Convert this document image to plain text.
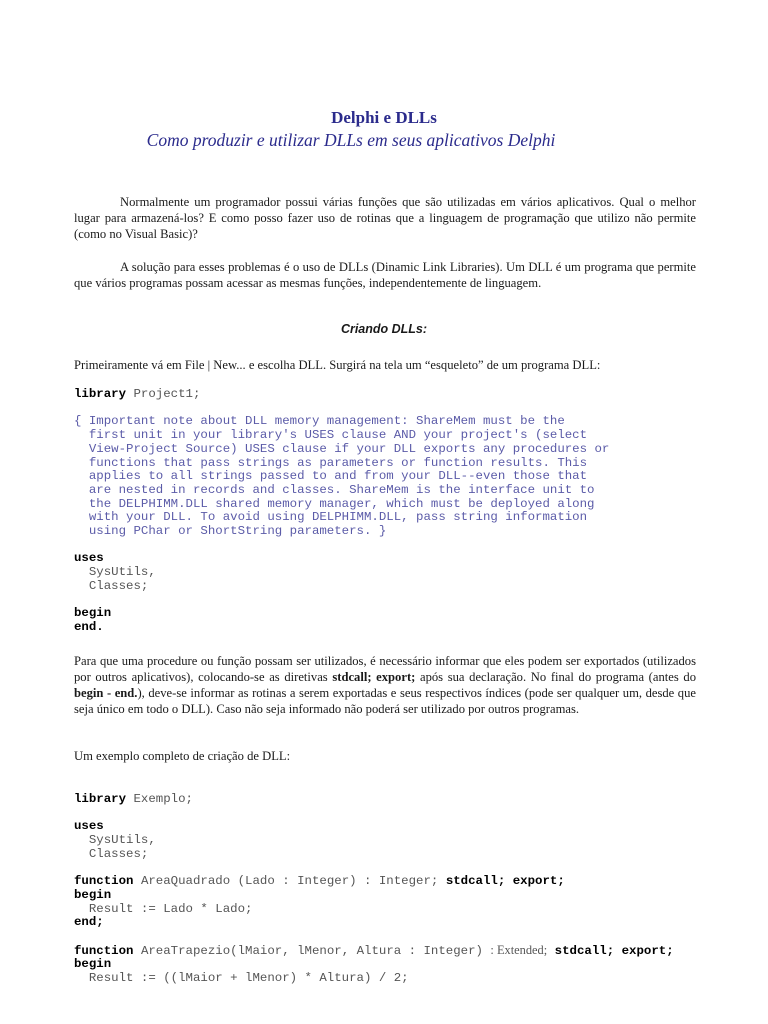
Delphi e DLLs
Como produzir e utilizar DLLs em seus aplicativos Delphi

Normalmente um programador possui várias funções que são utilizadas em vários aplicativos. Qual o melhor lugar para armazená-los? E como posso fazer uso de rotinas que a linguagem de programação que utilizo não permite (como no Visual Basic)?

A solução para esses problemas é o uso de DLLs (Dinamic Link Libraries). Um DLL é um programa que permite que vários programas possam acessar as mesmas funções, independentemente de linguagem.

Criando DLLs:

Primeiramente vá em File | New... e escolha DLL. Surgirá na tela um “esqueleto” de um programa DLL:

library Project1;

{ Important note about DLL memory management: ShareMem must be the
first unit in your library's USES clause AND your project's (select
View-Project Source) USES clause if your DLL exports any procedures or
functions that pass strings as parameters or function results. This
applies to all strings passed to and from your DLL--even those that
are nested in records and classes. ShareMem is the interface unit to
the DELPHIMM.DLL shared memory manager, which must be deployed along
with your DLL. To avoid using DELPHIMM.DLL, pass string information
using PChar or ShortString parameters. }

uses
SysUtils,
Classes;

begin
end.

Para que uma procedure ou função possam ser utilizados, é necessário informar que eles podem ser exportados (utilizados por outros aplicativos), colocando-se as diretivas stdcall; export; após sua declaração. No final do programa (antes do begin - end.), deve-se informar as rotinas a serem exportadas e seus respectivos índices (pode ser qualquer um, desde que seja único em todo o DLL). Caso não seja informado não poderá ser utilizado por outros programas.

Um exemplo completo de criação de DLL:

library Exemplo;

uses
SysUtils,
Classes;

function AreaQuadrado (Lado : Integer) : Integer; stdcall; export;
begin
Result := Lado * Lado;
end;

function AreaTrapezio(lMaior, lMenor, Altura : Integer) : Extended; stdcall; export;
begin
Result := ((lMaior + lMenor) * Altura) / 2;
